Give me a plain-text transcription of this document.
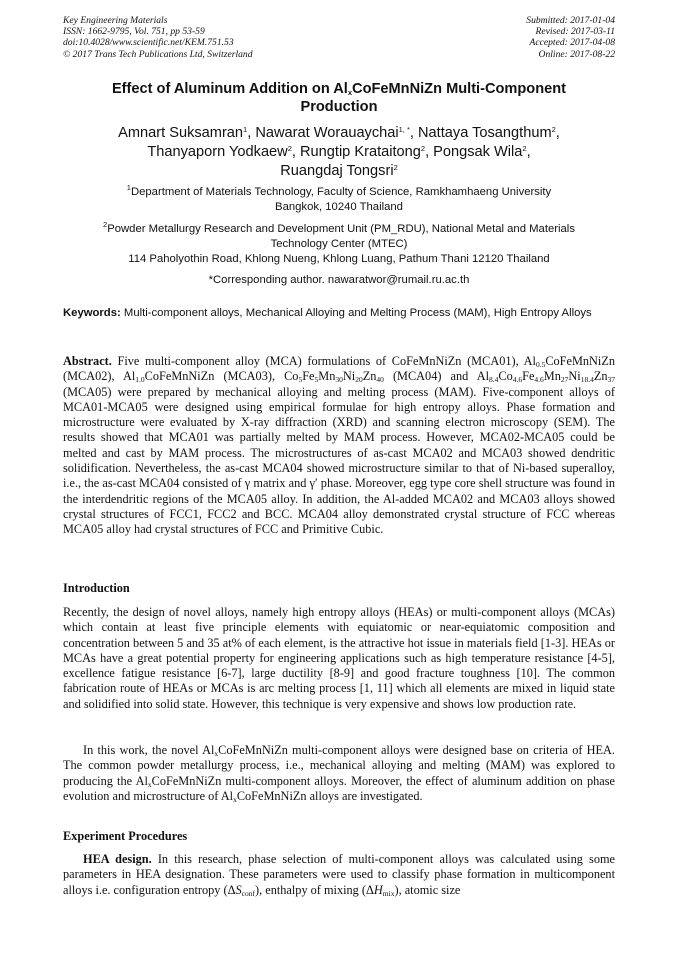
Key Engineering Materials
ISSN: 1662-9795, Vol. 751, pp 53-59
doi:10.4028/www.scientific.net/KEM.751.53
© 2017 Trans Tech Publications Ltd, Switzerland
Submitted: 2017-01-04
Revised: 2017-03-11
Accepted: 2017-04-08
Online: 2017-08-22
Effect of Aluminum Addition on $Al_xCoFeMnNiZn$ Multi-Component
Production
Amnart Suksamran$^1$, Nawarat Worauaychai$^{1, *}$, Nattaya Tosangthum$^2$,
Thanyaporn Yodkaew$^2$, Rungtip Krataitong$^2$, Pongsak Wila$^2$,
Ruangdaj Tongsri$^2$
$^1$Department of Materials Technology, Faculty of Science, Ramkhamhaeng University
Bangkok, 10240 Thailand
$^2$Powder Metallurgy Research and Development Unit (PM_RDU), National Metal and Materials
Technology Center (MTEC)
114 Paholyothin Road, Khlong Nueng, Khlong Luang, Pathum Thani 12120 Thailand
*Corresponding author. nawaratwor@rumail.ru.ac.th
Keywords: Multi-component alloys, Mechanical Alloying and Melting Process (MAM), High Entropy Alloys
Abstract. Five multi-component alloy (MCA) formulations of CoFeMnNiZn (MCA01), $Al_{0.5}CoFeMnNiZn$ (MCA02), $Al_{1.0}CoFeMnNiZn$ (MCA03), $Co_5Fe_5Mn_{30}Ni_{20}Zn_{40}$ (MCA04) and $Al_{8.4}Co_{4.6}Fe_{4.6}Mn_{27}Ni_{18.4}Zn_{37}$ (MCA05) were prepared by mechanical alloying and melting process (MAM). Five-component alloys of MCA01-MCA05 were designed using empirical formulae for high entropy alloys. Phase formation and microstructure were evaluated by X-ray diffraction (XRD) and scanning electron microscopy (SEM). The results showed that MCA01 was partially melted by MAM process. However, MCA02-MCA05 could be melted and cast by MAM process. The microstructures of as-cast MCA02 and MCA03 showed dendritic solidification. Nevertheless, the as-cast MCA04 showed microstructure similar to that of Ni-based superalloy, i.e., the as-cast MCA04 consisted of γ matrix and γ′ phase. Moreover, egg type core shell structure was found in the interdendritic regions of the MCA05 alloy. In addition, the Al-added MCA02 and MCA03 alloys showed crystal structures of FCC1, FCC2 and BCC. MCA04 alloy demonstrated crystal structure of FCC whereas MCA05 alloy had crystal structures of FCC and Primitive Cubic.
Introduction
Recently, the design of novel alloys, namely high entropy alloys (HEAs) or multi-component alloys (MCAs) which contain at least five principle elements with equiatomic or near-equiatomic composition and concentration between 5 and 35 at% of each element, is the attractive hot issue in materials field [1-3]. HEAs or MCAs have a great potential property for engineering applications such as high temperature resistance [4-5], excellence fatigue resistance [6-7], large ductility [8-9] and good fracture toughness [10]. The common fabrication route of HEAs or MCAs is arc melting process [1, 11] which all elements are mixed in liquid state and solidified into solid state. However, this technique is very expensive and shows low production rate.
In this work, the novel $Al_xCoFeMnNiZn$ multi-component alloys were designed base on criteria of HEA. The common powder metallurgy process, i.e., mechanical alloying and melting (MAM) was explored to producing the $Al_xCoFeMnNiZn$ multi-component alloys. Moreover, the effect of aluminum addition on phase evolution and microstructure of $Al_xCoFeMnNiZn$ alloys are investigated.
Experiment Procedures
HEA design. In this research, phase selection of multi-component alloys was calculated using some parameters in HEA designation. These parameters were used to classify phase formation in multicomponent alloys i.e. configuration entropy $(\Delta S_{conf})$, enthalpy of mixing $(\Delta H_{mix})$, atomic size
